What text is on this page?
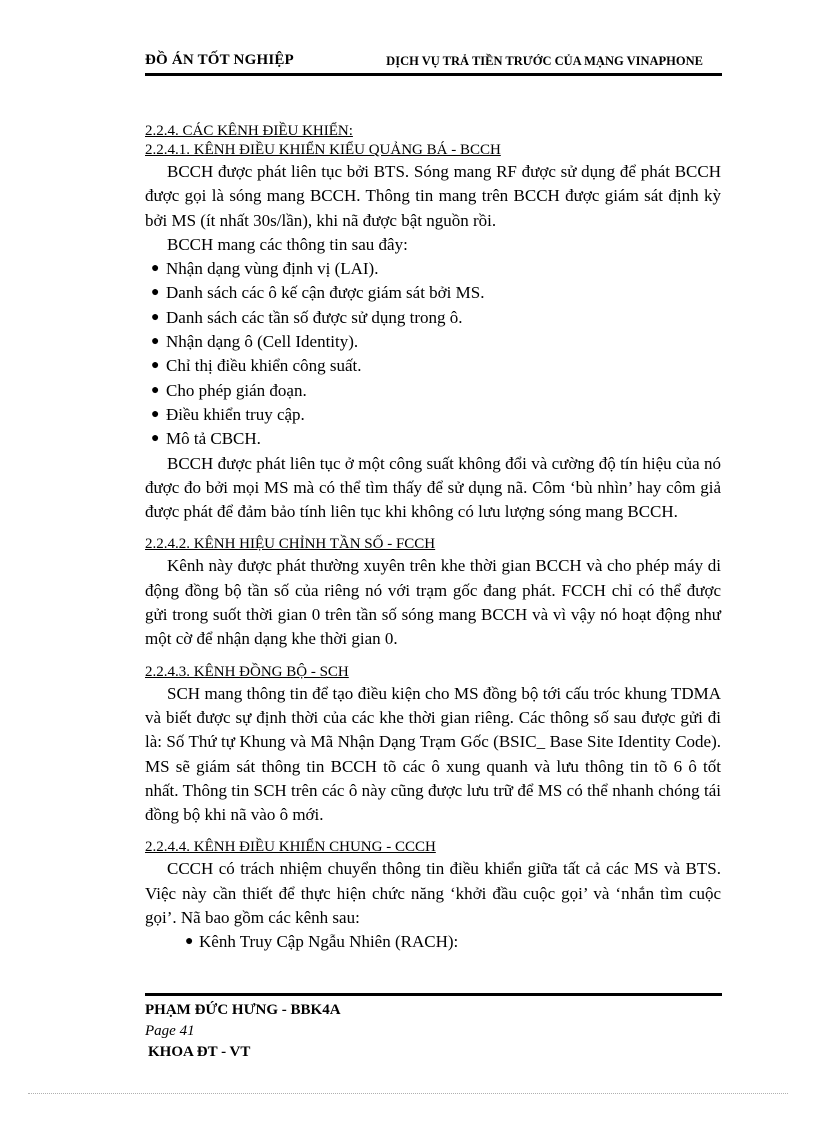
ĐỒ ÁN TỐT NGHIỆP	DỊCH VỤ TRẢ TIỀN TRƯỚC CỦA MẠNG VINAPHONE
2.2.4. CÁC KÊNH ĐIỀU KHIỂN:
2.2.4.1. KÊNH ĐIỀU KHIỂN KIỂU QUẢNG BÁ - BCCH

BCCH được phát liên tục bởi BTS. Sóng mang RF được sử dụng để phát BCCH được gọi là sóng mang BCCH. Thông tin mang trên BCCH được giám sát định kỳ bởi MS (ít nhất 30s/lần), khi nã được bật nguồn rồi.

BCCH mang các thông tin sau đây:

● Nhận dạng vùng định vị (LAI).
● Danh sách các ô kế cận được giám sát bởi MS.
● Danh sách các tần số được sử dụng trong ô.
● Nhận dạng ô (Cell Identity).
● Chỉ thị điều khiển công suất.
● Cho phép gián đoạn.
● Điều khiển truy cập.
● Mô tả CBCH.

BCCH được phát liên tục ở một công suất không đổi và cường độ tín hiệu của nó được đo bởi mọi MS mà có thể tìm thấy để sử dụng nã. Côm ‘bù nhìn’ hay côm giả được phát để đảm bảo tính liên tục khi không có lưu lượng sóng mang BCCH.

2.2.4.2. KÊNH HIỆU CHỈNH TẦN SỐ - FCCH

Kênh này được phát thường xuyên trên khe thời gian BCCH và cho phép máy di động đồng bộ tần số của riêng nó với trạm gốc đang phát. FCCH chỉ có thể được gửi trong suốt thời gian 0 trên tần số sóng mang BCCH và vì vậy nó hoạt động như một cờ để nhận dạng khe thời gian 0.

2.2.4.3. KÊNH ĐỒNG BỘ - SCH

SCH mang thông tin để tạo điều kiện cho MS đồng bộ tới cấu tróc khung TDMA và biết được sự định thời của các khe thời gian riêng. Các thông số sau được gửi đi là: Số Thứ tự Khung và Mã Nhận Dạng Trạm Gốc (BSIC_ Base Site Identity Code). MS sẽ giám sát thông tin BCCH tõ các ô xung quanh và lưu thông tin tõ 6 ô tốt nhất. Thông tin SCH trên các ô này cũng được lưu trữ để MS có thể nhanh chóng tái đồng bộ khi nã vào ô mới.

2.2.4.4. KÊNH ĐIỀU KHIỂN CHUNG - CCCH

CCCH có trách nhiệm chuyển thông tin điều khiển giữa tất cả các MS và BTS. Việc này cần thiết để thực hiện chức năng ‘khởi đầu cuộc gọi’ và ‘nhắn tìm cuộc gọi’. Nã bao gồm các kênh sau:

● Kênh Truy Cập Ngẫu Nhiên (RACH):
PHẠM ĐỨC HƯNG - BBK4A
Page 41
KHOA ĐT - VT
